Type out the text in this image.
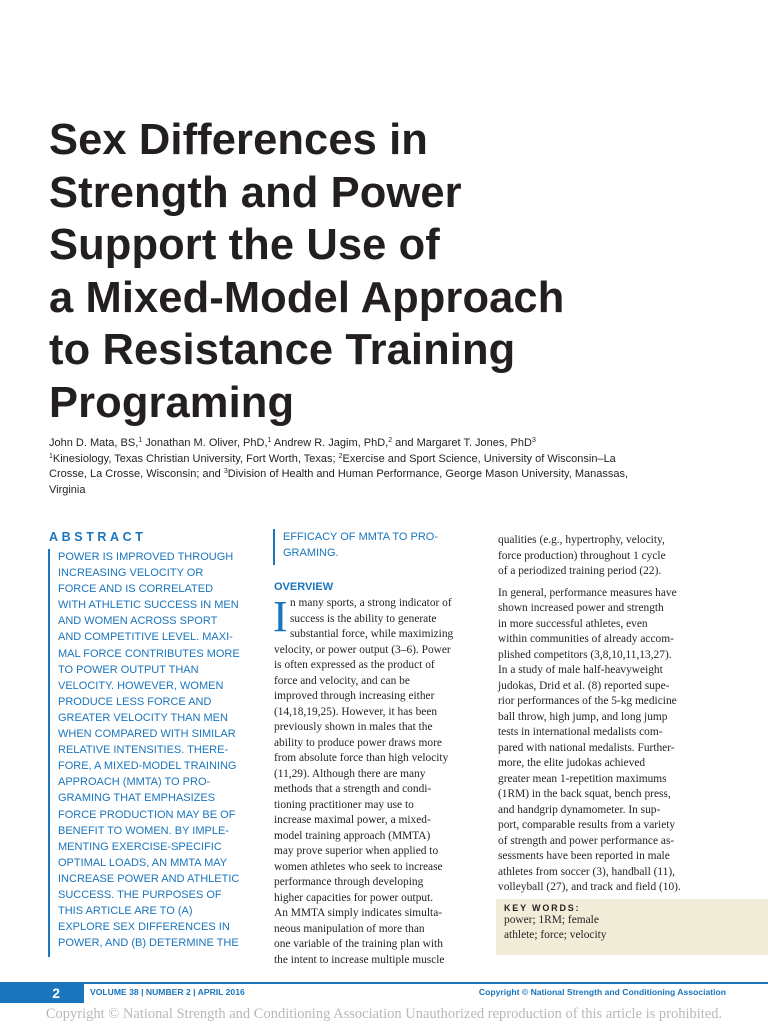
Sex Differences in
Strength and Power
Support the Use of
a Mixed-Model Approach
to Resistance Training
Programing
John D. Mata, BS,$^1$ Jonathan M. Oliver, PhD,$^1$ Andrew R. Jagim, PhD,$^2$ and Margaret T. Jones, PhD$^3$
$^1$Kinesiology, Texas Christian University, Fort Worth, Texas; $^2$Exercise and Sport Science, University of Wisconsin–La
Crosse, La Crosse, Wisconsin; and $^3$Division of Health and Human Performance, George Mason University, Manassas,
Virginia
ABSTRACT
POWER IS IMPROVED THROUGH
INCREASING VELOCITY OR
FORCE AND IS CORRELATED
WITH ATHLETIC SUCCESS IN MEN
AND WOMEN ACROSS SPORT
AND COMPETITIVE LEVEL. MAXI-
MAL FORCE CONTRIBUTES MORE
TO POWER OUTPUT THAN
VELOCITY. HOWEVER, WOMEN
PRODUCE LESS FORCE AND
GREATER VELOCITY THAN MEN
WHEN COMPARED WITH SIMILAR
RELATIVE INTENSITIES. THERE-
FORE, A MIXED-MODEL TRAINING
APPROACH (MMTA) TO PRO-
GRAMING THAT EMPHASIZES
FORCE PRODUCTION MAY BE OF
BENEFIT TO WOMEN. BY IMPLE-
MENTING EXERCISE-SPECIFIC
OPTIMAL LOADS, AN MMTA MAY
INCREASE POWER AND ATHLETIC
SUCCESS. THE PURPOSES OF
THIS ARTICLE ARE TO (A)
EXPLORE SEX DIFFERENCES IN
POWER, AND (B) DETERMINE THE
EFFICACY OF MMTA TO PRO-
GRAMING.
OVERVIEW
I n many sports, a strong indicator of
success is the ability to generate
substantial force, while maximizing
velocity, or power output (3–6). Power
is often expressed as the product of
force and velocity, and can be
improved through increasing either
(14,18,19,25). However, it has been
previously shown in males that the
ability to produce power draws more
from absolute force than high velocity
(11,29). Although there are many
methods that a strength and condi-
tioning practitioner may use to
increase maximal power, a mixed-
model training approach (MMTA)
may prove superior when applied to
women athletes who seek to increase
performance through developing
higher capacities for power output.
An MMTA simply indicates simulta-
neous manipulation of more than
one variable of the training plan with
the intent to increase multiple muscle
qualities (e.g., hypertrophy, velocity,
force production) throughout 1 cycle
of a periodized training period (22).
In general, performance measures have
shown increased power and strength
in more successful athletes, even
within communities of already accom-
plished competitors (3,8,10,11,13,27).
In a study of male half-heavyweight
judokas, Drid et al. (8) reported supe-
rior performances of the 5-kg medicine
ball throw, high jump, and long jump
tests in international medalists com-
pared with national medalists. Further-
more, the elite judokas achieved
greater mean 1-repetition maximums
(1RM) in the back squat, bench press,
and handgrip dynamometer. In sup-
port, comparable results from a variety
of strength and power performance as-
sessments have been reported in male
athletes from soccer (3), handball (11),
volleyball (27), and track and field (10).
KEY WORDS:
power; 1RM; female
athlete; force; velocity
2	VOLUME 38 | NUMBER 2 | APRIL 2016	Copyright © National Strength and Conditioning Association
Copyright © National Strength and Conditioning Association Unauthorized reproduction of this article is prohibited.
